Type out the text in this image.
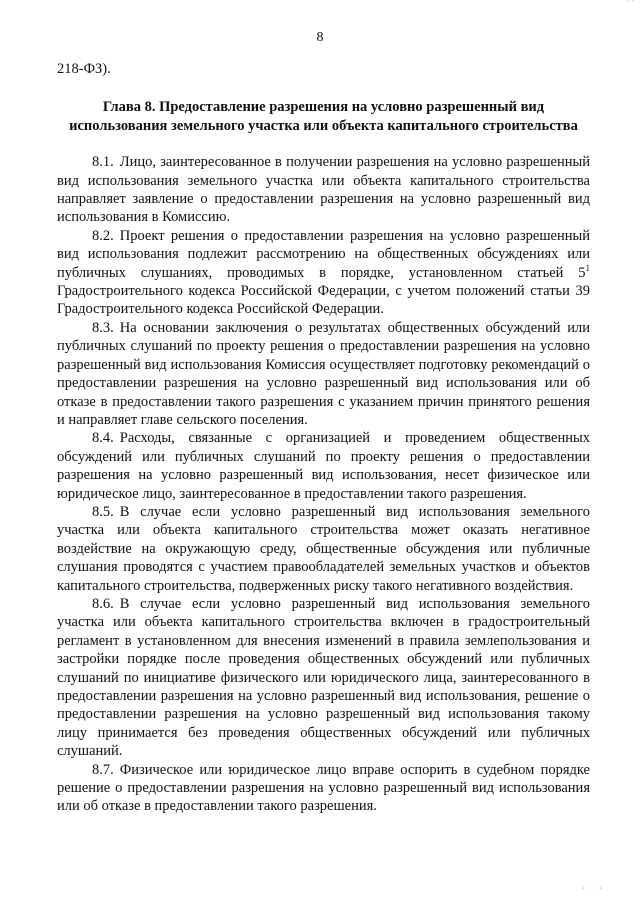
· ·
8

218-ФЗ).

Глава 8. Предоставление разрешения на условно разрешенный вид использования земельного участка или объекта капитального строительства

8.1. Лицо, заинтересованное в получении разрешения на условно разрешенный вид использования земельного участка или объекта капитального строительства направляет заявление о предоставлении разрешения на условно разрешенный вид использования в Комиссию.

8.2. Проект решения о предоставлении разрешения на условно разрешенный вид использования подлежит рассмотрению на общественных обсуждениях или публичных слушаниях, проводимых в порядке, установленном статьей $5^1$ Градостроительного кодекса Российской Федерации, с учетом положений статьи 39 Градостроительного кодекса Российской Федерации.

8.3. На основании заключения о результатах общественных обсуждений или публичных слушаний по проекту решения о предоставлении разрешения на условно разрешенный вид использования Комиссия осуществляет подготовку рекомендаций о предоставлении разрешения на условно разрешенный вид использования или об отказе в предоставлении такого разрешения с указанием причин принятого решения и направляет главе сельского поселения.

8.4. Расходы, связанные с организацией и проведением общественных обсуждений или публичных слушаний по проекту решения о предоставлении разрешения на условно разрешенный вид использования, несет физическое или юридическое лицо, заинтересованное в предоставлении такого разрешения.

8.5. В случае если условно разрешенный вид использования земельного участка или объекта капитального строительства может оказать негативное воздействие на окружающую среду, общественные обсуждения или публичные слушания проводятся с участием правообладателей земельных участков и объектов капитального строительства, подверженных риску такого негативного воздействия.

8.6. В случае если условно разрешенный вид использования земельного участка или объекта капитального строительства включен в градостроительный регламент в установленном для внесения изменений в правила землепользования и застройки порядке после проведения общественных обсуждений или публичных слушаний по инициативе физического или юридического лица, заинтересованного в предоставлении разрешения на условно разрешенный вид использования, решение о предоставлении разрешения на условно разрешенный вид использования такому лицу принимается без проведения общественных обсуждений или публичных слушаний.

8.7. Физическое или юридическое лицо вправе оспорить в судебном порядке решение о предоставлении разрешения на условно разрешенный вид использования или об отказе в предоставлении такого разрешения.

· · ·
